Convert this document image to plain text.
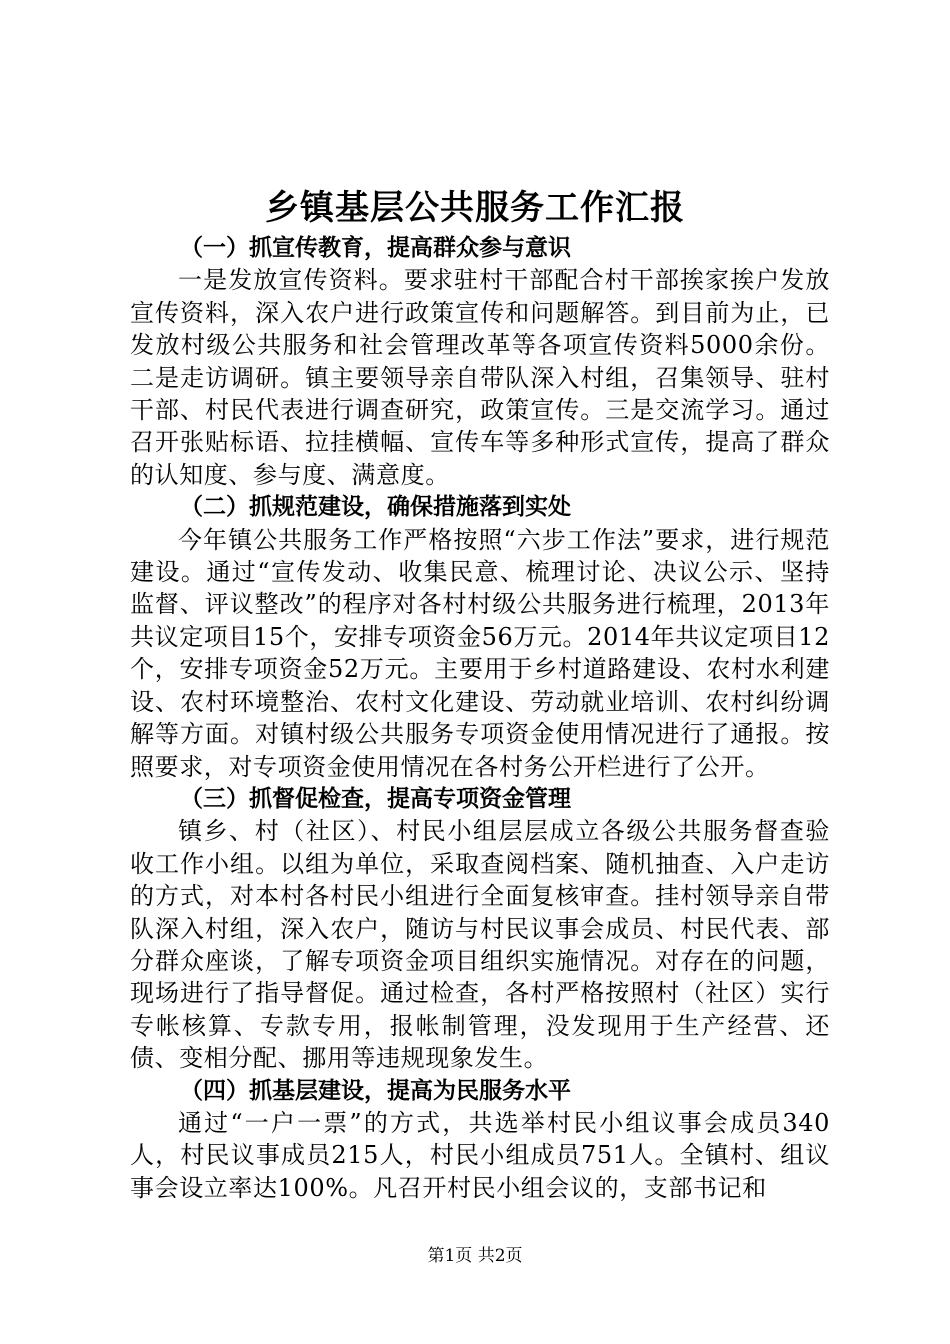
乡镇基层公共服务工作汇报

（一）抓宣传教育，提高群众参与意识

一是发放宣传资料。要求驻村干部配合村干部挨家挨户发放宣传资料，深入农户进行政策宣传和问题解答。到目前为止，已发放村级公共服务和社会管理改革等各项宣传资料5000余份。二是走访调研。镇主要领导亲自带队深入村组，召集领导、驻村干部、村民代表进行调查研究，政策宣传。三是交流学习。通过召开张贴标语、拉挂横幅、宣传车等多种形式宣传，提高了群众的认知度、参与度、满意度。

（二）抓规范建设，确保措施落到实处

今年镇公共服务工作严格按照“六步工作法”要求，进行规范建设。通过“宣传发动、收集民意、梳理讨论、决议公示、坚持监督、评议整改”的程序对各村村级公共服务进行梳理，2013年共议定项目15个，安排专项资金56万元。2014年共议定项目12个，安排专项资金52万元。主要用于乡村道路建设、农村水利建设、农村环境整治、农村文化建设、劳动就业培训、农村纠纷调解等方面。对镇村级公共服务专项资金使用情况进行了通报。按照要求，对专项资金使用情况在各村务公开栏进行了公开。

（三）抓督促检查，提高专项资金管理

镇乡、村（社区）、村民小组层层成立各级公共服务督查验收工作小组。以组为单位，采取查阅档案、随机抽查、入户走访的方式，对本村各村民小组进行全面复核审查。挂村领导亲自带队深入村组，深入农户，随访与村民议事会成员、村民代表、部分群众座谈，了解专项资金项目组织实施情况。对存在的问题，现场进行了指导督促。通过检查，各村严格按照村（社区）实行专帐核算、专款专用，报帐制管理，没发现用于生产经营、还债、变相分配、挪用等违规现象发生。

（四）抓基层建设，提高为民服务水平

通过“一户一票”的方式，共选举村民小组议事会成员340人，村民议事成员215人，村民小组成员751人。全镇村、组议事会设立率达100%。凡召开村民小组会议的，支部书记和

第1页 共2页
